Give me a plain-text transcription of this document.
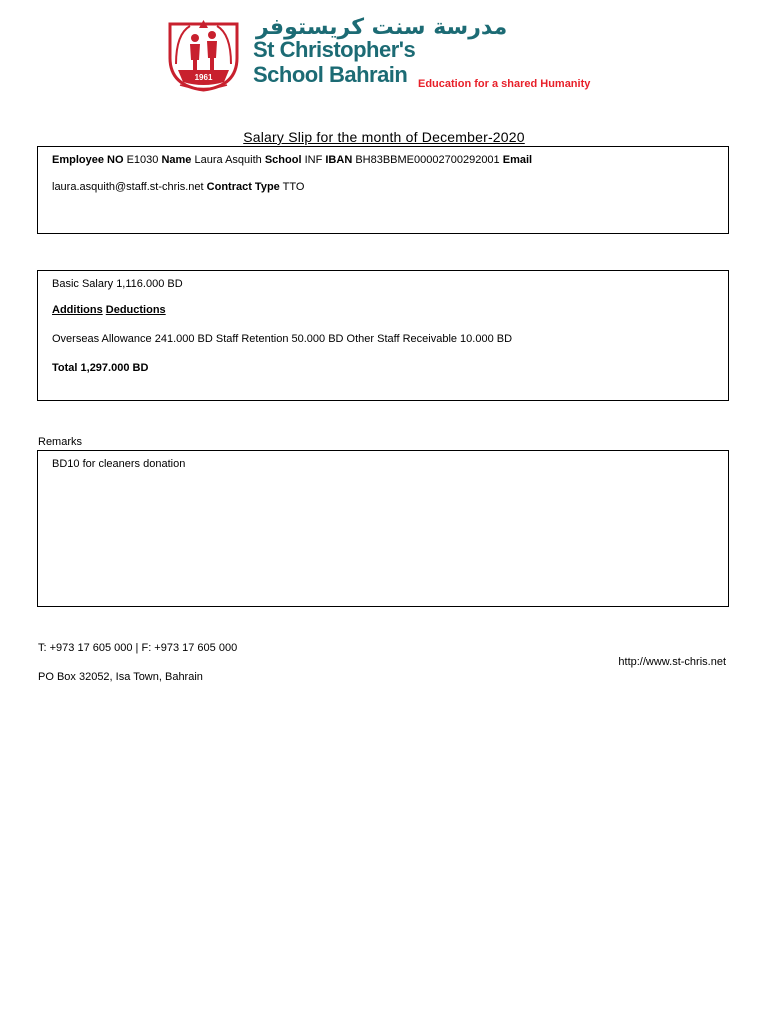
1961
مدرسة سنت كريستوفر
St Christopher's
School Bahrain Education for a shared Humanity
Salary Slip for the month of December-2020
Employee NO E1030 Name Laura Asquith School INF IBAN BH83BBME00002700292001 Email
laura.asquith@staff.st-chris.net Contract Type TTO
Basic Salary 1,116.000 BD
Additions Deductions
Overseas Allowance 241.000 BD Staff Retention 50.000 BD Other Staff Receivable 10.000 BD
Total 1,297.000 BD
Remarks
BD10 for cleaners donation
T: +973 17 605 000 | F: +973 17 605 000
http://www.st-chris.net
PO Box 32052, Isa Town, Bahrain
